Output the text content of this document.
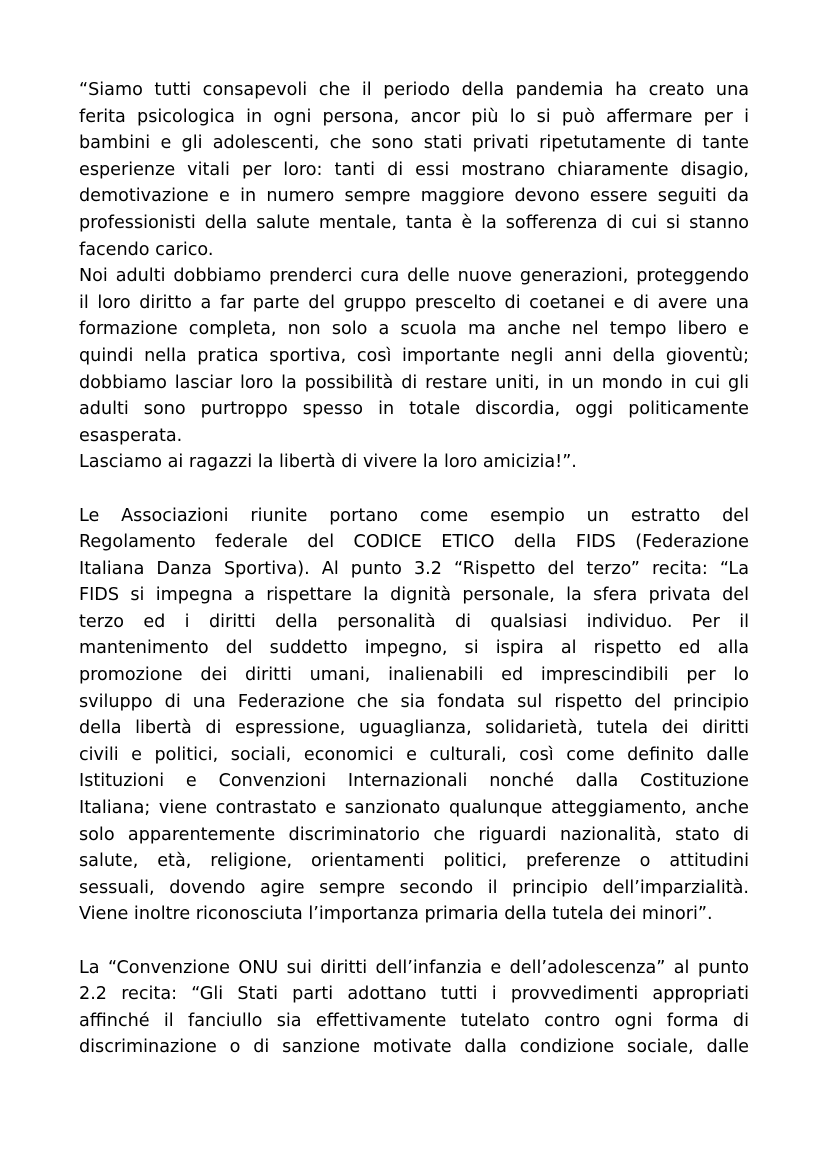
“Siamo tutti consapevoli che il periodo della pandemia ha creato una
ferita psicologica in ogni persona, ancor più lo si può affermare per i
bambini e gli adolescenti, che sono stati privati ripetutamente di tante
esperienze vitali per loro: tanti di essi mostrano chiaramente disagio,
demotivazione e in numero sempre maggiore devono essere seguiti da
professionisti della salute mentale, tanta è la sofferenza di cui si stanno
facendo carico.
Noi adulti dobbiamo prenderci cura delle nuove generazioni, proteggendo
il loro diritto a far parte del gruppo prescelto di coetanei e di avere una
formazione completa, non solo a scuola ma anche nel tempo libero e
quindi nella pratica sportiva, così importante negli anni della gioventù;
dobbiamo lasciar loro la possibilità di restare uniti, in un mondo in cui gli
adulti sono purtroppo spesso in totale discordia, oggi politicamente
esasperata.
Lasciamo ai ragazzi la libertà di vivere la loro amicizia!”.
Le Associazioni riunite portano come esempio un estratto del
Regolamento federale del CODICE ETICO della FIDS (Federazione
Italiana Danza Sportiva). Al punto 3.2 “Rispetto del terzo” recita: “La
FIDS si impegna a rispettare la dignità personale, la sfera privata del
terzo ed i diritti della personalità di qualsiasi individuo. Per il
mantenimento del suddetto impegno, si ispira al rispetto ed alla
promozione dei diritti umani, inalienabili ed imprescindibili per lo
sviluppo di una Federazione che sia fondata sul rispetto del principio
della libertà di espressione, uguaglianza, solidarietà, tutela dei diritti
civili e politici, sociali, economici e culturali, così come definito dalle
Istituzioni e Convenzioni Internazionali nonché dalla Costituzione
Italiana; viene contrastato e sanzionato qualunque atteggiamento, anche
solo apparentemente discriminatorio che riguardi nazionalità, stato di
salute, età, religione, orientamenti politici, preferenze o attitudini
sessuali, dovendo agire sempre secondo il principio dell’imparzialità.
Viene inoltre riconosciuta l’importanza primaria della tutela dei minori”.
La “Convenzione ONU sui diritti dell’infanzia e dell’adolescenza” al punto
2.2 recita: “Gli Stati parti adottano tutti i provvedimenti appropriati
affinché il fanciullo sia effettivamente tutelato contro ogni forma di
discriminazione o di sanzione motivate dalla condizione sociale, dalle
